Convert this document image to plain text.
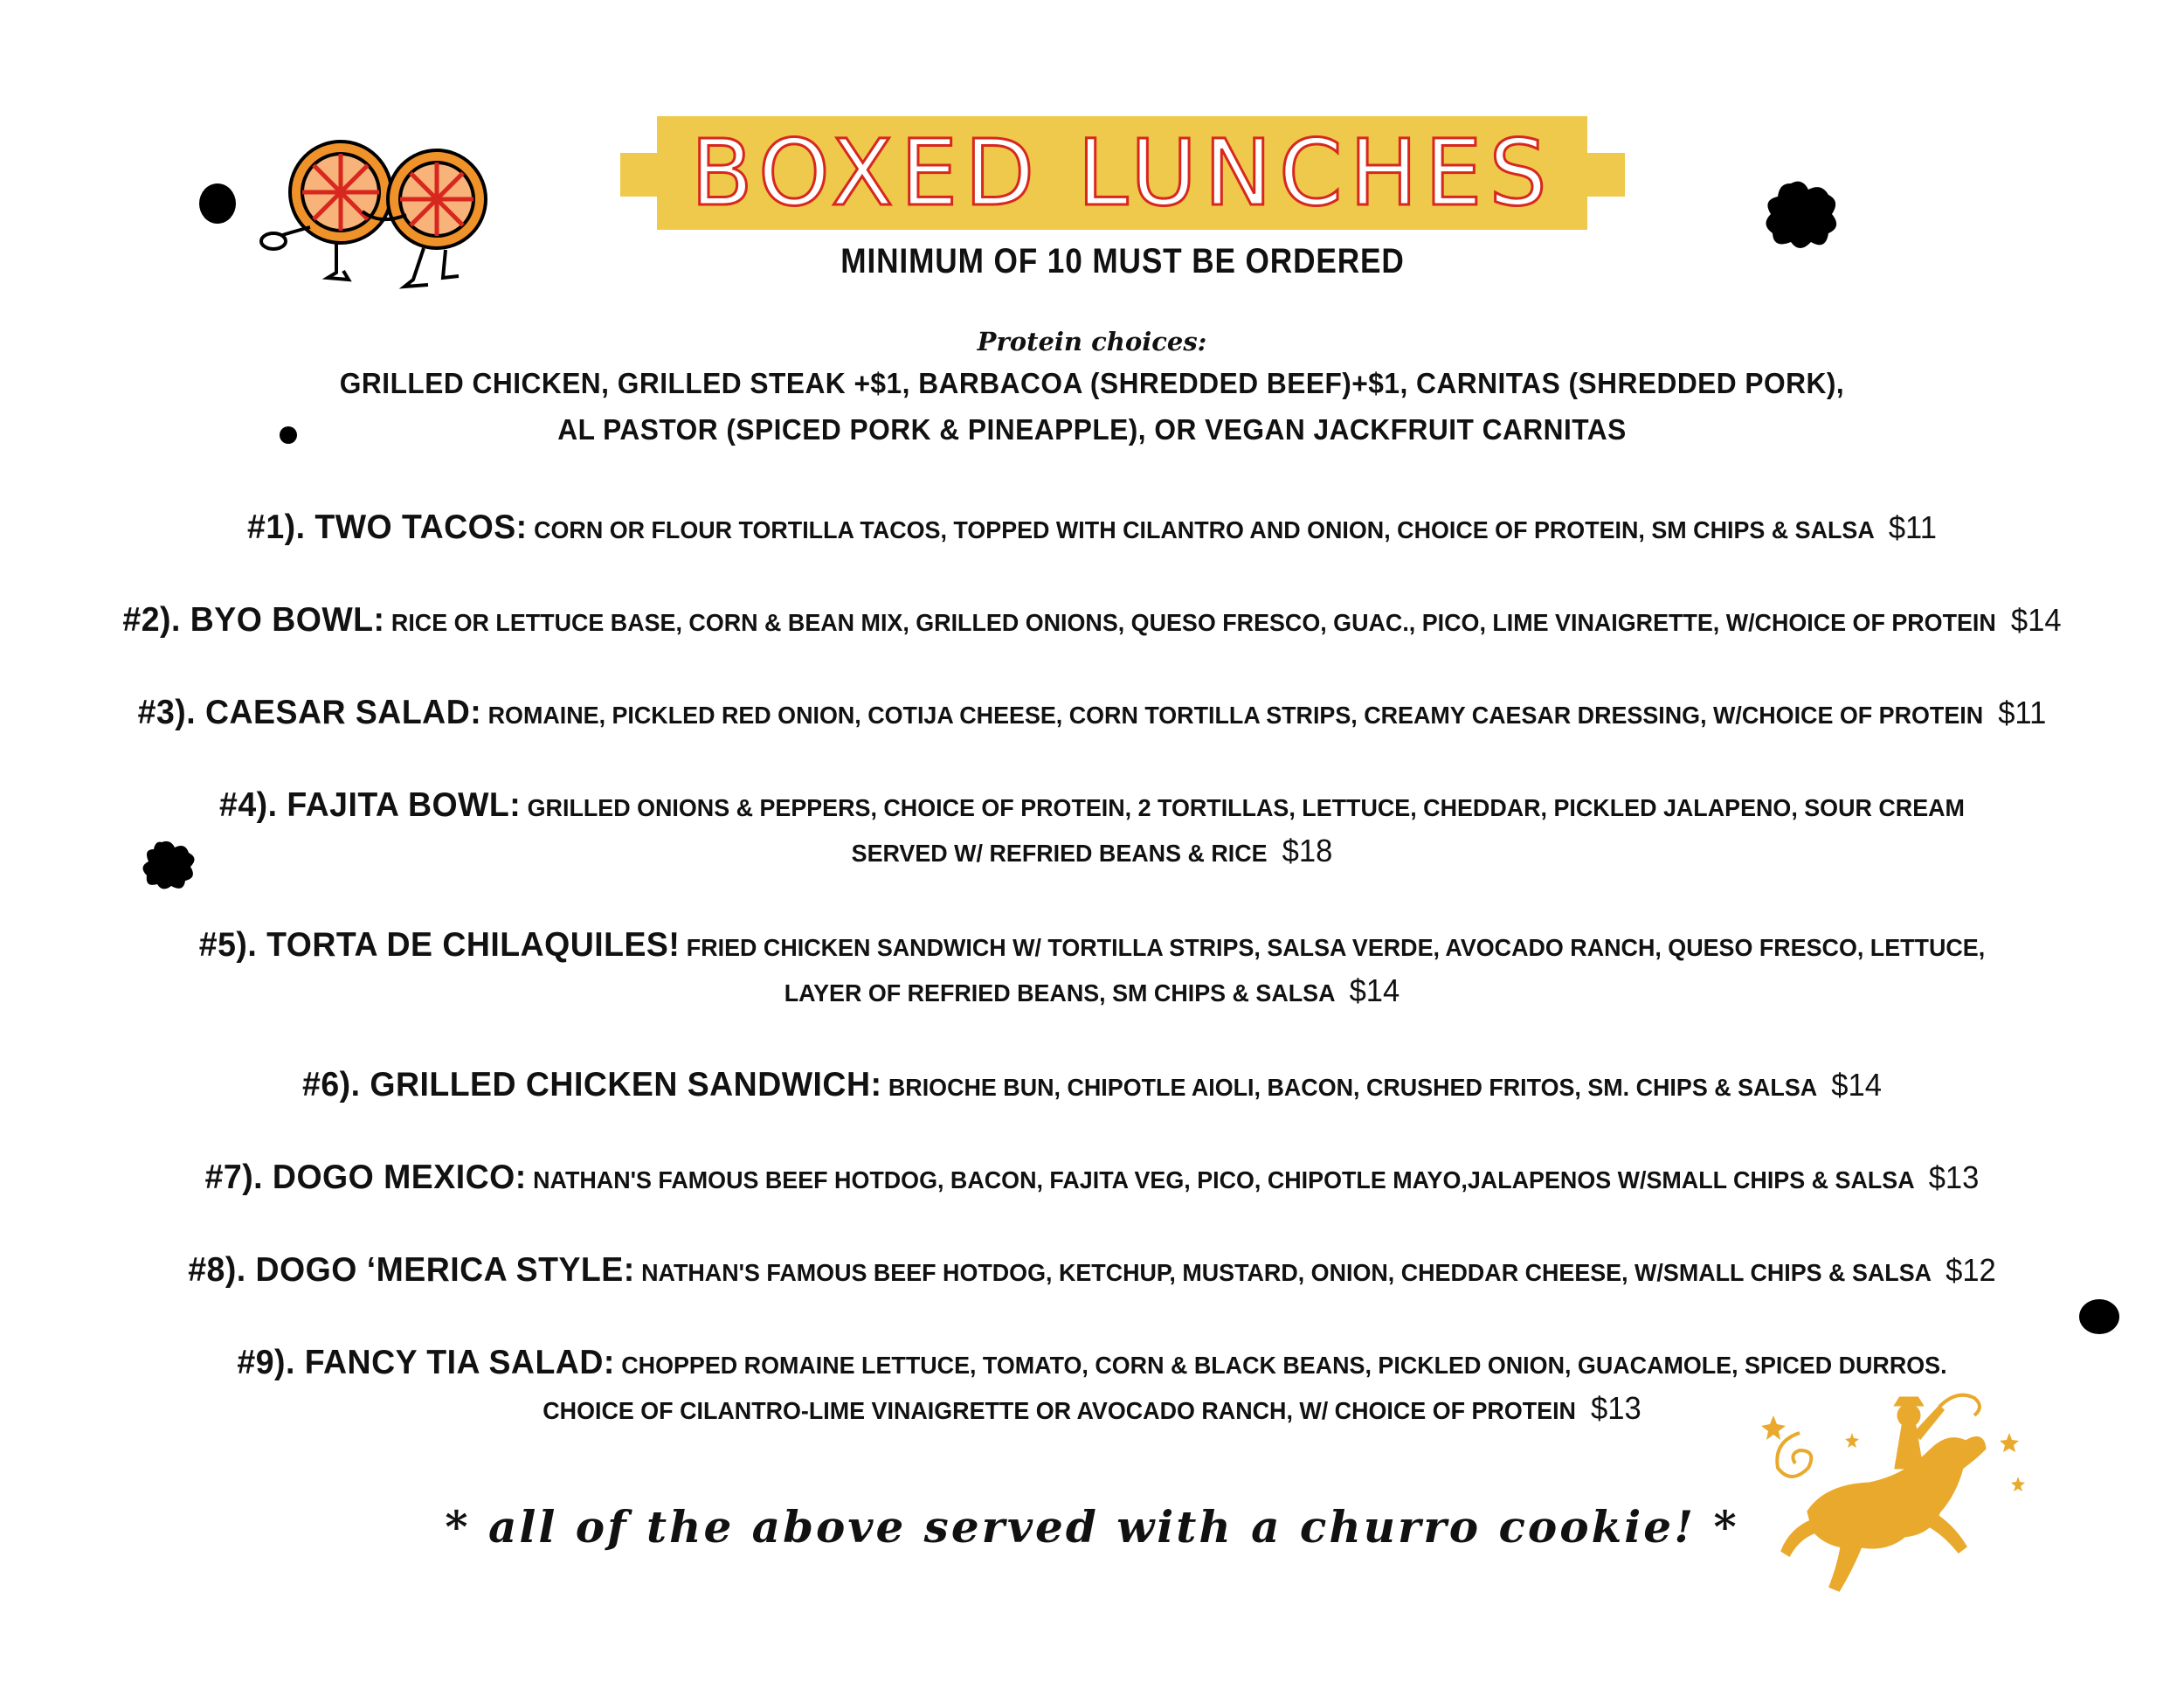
BOXED LUNCHES
MINIMUM OF 10 MUST BE ORDERED
Protein choices:
GRILLED CHICKEN, GRILLED STEAK +$1, BARBACOA (SHREDDED BEEF)+$1, CARNITAS (SHREDDED PORK),
AL PASTOR (SPICED PORK & PINEAPPLE), OR VEGAN JACKFRUIT CARNITAS
#1). TWO TACOS: CORN OR FLOUR TORTILLA TACOS, TOPPED WITH CILANTRO AND ONION, CHOICE OF PROTEIN, SM CHIPS & SALSA $11
#2). BYO BOWL: RICE OR LETTUCE BASE, CORN & BEAN MIX, GRILLED ONIONS, QUESO FRESCO, GUAC., PICO, LIME VINAIGRETTE, W/CHOICE OF PROTEIN $14
#3). CAESAR SALAD: ROMAINE, PICKLED RED ONION, COTIJA CHEESE, CORN TORTILLA STRIPS, CREAMY CAESAR DRESSING, W/CHOICE OF PROTEIN $11
#4). FAJITA BOWL: GRILLED ONIONS & PEPPERS, CHOICE OF PROTEIN, 2 TORTILLAS, LETTUCE, CHEDDAR, PICKLED JALAPENO, SOUR CREAM
SERVED W/ REFRIED BEANS & RICE $18
#5). TORTA DE CHILAQUILES! FRIED CHICKEN SANDWICH W/ TORTILLA STRIPS, SALSA VERDE, AVOCADO RANCH, QUESO FRESCO, LETTUCE,
LAYER OF REFRIED BEANS, SM CHIPS & SALSA $14
#6). GRILLED CHICKEN SANDWICH: BRIOCHE BUN, CHIPOTLE AIOLI, BACON, CRUSHED FRITOS, SM. CHIPS & SALSA $14
#7). DOGO MEXICO: NATHAN'S FAMOUS BEEF HOTDOG, BACON, FAJITA VEG, PICO, CHIPOTLE MAYO,JALAPENOS W/SMALL CHIPS & SALSA $13
#8). DOGO ‘MERICA STYLE: NATHAN'S FAMOUS BEEF HOTDOG, KETCHUP, MUSTARD, ONION, CHEDDAR CHEESE, W/SMALL CHIPS & SALSA $12
#9). FANCY TIA SALAD: CHOPPED ROMAINE LETTUCE, TOMATO, CORN & BLACK BEANS, PICKLED ONION, GUACAMOLE, SPICED DURROS.
CHOICE OF CILANTRO-LIME VINAIGRETTE OR AVOCADO RANCH, W/ CHOICE OF PROTEIN $13
* all of the above served with a churro cookie! *
